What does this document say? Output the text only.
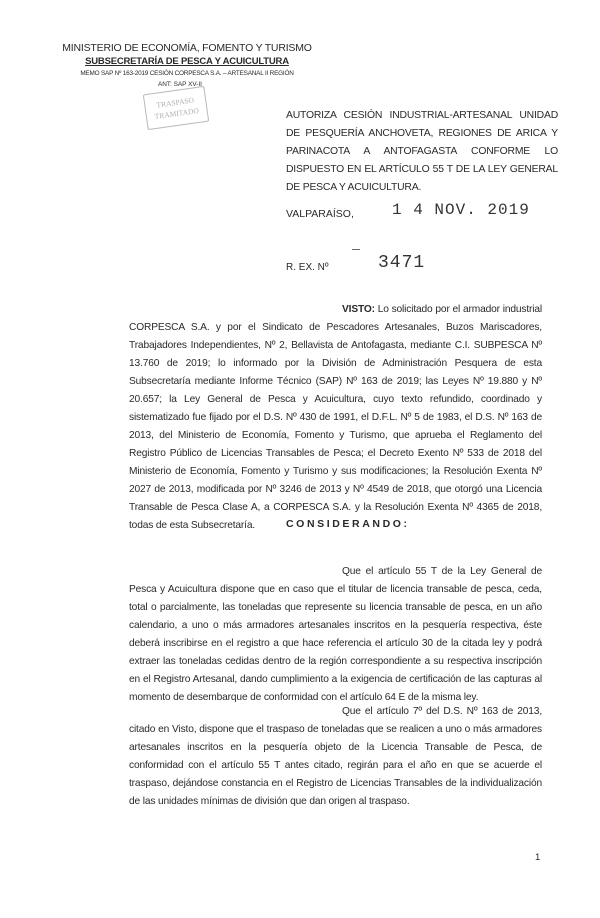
MINISTERIO DE ECONOMÍA, FOMENTO Y TURISMO
SUBSECRETARÍA DE PESCA Y ACUICULTURA
MEMO SAP Nº 163-2019 CESIÓN CORPESCA S.A. – ARTESANAL II REGIÓN
ANT: SAP XV-II
TRASPASO
TRAMITADO	AUTORIZA CESIÓN INDUSTRIAL-ARTESANAL UNIDAD DE PESQUERÍA ANCHOVETA, REGIONES DE ARICA Y PARINACOTA A ANTOFAGASTA CONFORME LO DISPUESTO EN EL ARTÍCULO 55 T DE LA LEY GENERAL DE PESCA Y ACUICULTURA.
VALPARAÍSO, 1 4 NOV. 2019
R. EX. Nº	3471
VISTO: Lo solicitado por el armador industrial CORPESCA S.A. y por el Sindicato de Pescadores Artesanales, Buzos Mariscadores, Trabajadores Independientes, Nº 2, Bellavista de Antofagasta, mediante C.I. SUBPESCA Nº 13.760 de 2019; lo informado por la División de Administración Pesquera de esta Subsecretaría mediante Informe Técnico (SAP) Nº 163 de 2019; las Leyes Nº 19.880 y Nº 20.657; la Ley General de Pesca y Acuicultura, cuyo texto refundido, coordinado y sistematizado fue fijado por el D.S. Nº 430 de 1991, el D.F.L. Nº 5 de 1983, el D.S. Nº 163 de 2013, del Ministerio de Economía, Fomento y Turismo, que aprueba el Reglamento del Registro Público de Licencias Transables de Pesca; el Decreto Exento Nº 533 de 2018 del Ministerio de Economía, Fomento y Turismo y sus modificaciones; la Resolución Exenta Nº 2027 de 2013, modificada por Nº 3246 de 2013 y Nº 4549 de 2018, que otorgó una Licencia Transable de Pesca Clase A, a CORPESCA S.A. y la Resolución Exenta Nº 4365 de 2018, todas de esta Subsecretaría.	CONSIDERANDO:
Que el artículo 55 T de la Ley General de Pesca y Acuicultura dispone que en caso que el titular de licencia transable de pesca, ceda, total o parcialmente, las toneladas que represente su licencia transable de pesca, en un año calendario, a uno o más armadores artesanales inscritos en la pesquería respectiva, éste deberá inscribirse en el registro a que hace referencia el artículo 30 de la citada ley y podrá extraer las toneladas cedidas dentro de la región correspondiente a su respectiva inscripción en el Registro Artesanal, dando cumplimiento a la exigencia de certificación de las capturas al momento de desembarque de conformidad con el artículo 64 E de la misma ley.
Que el artículo 7º del D.S. Nº 163 de 2013, citado en Visto, dispone que el traspaso de toneladas que se realicen a uno o más armadores artesanales inscritos en la pesquería objeto de la Licencia Transable de Pesca, de conformidad con el artículo 55 T antes citado, regirán para el año en que se acuerde el traspaso, dejándose constancia en el Registro de Licencias Transables de la individualización de las unidades mínimas de división que dan origen al traspaso.
1
